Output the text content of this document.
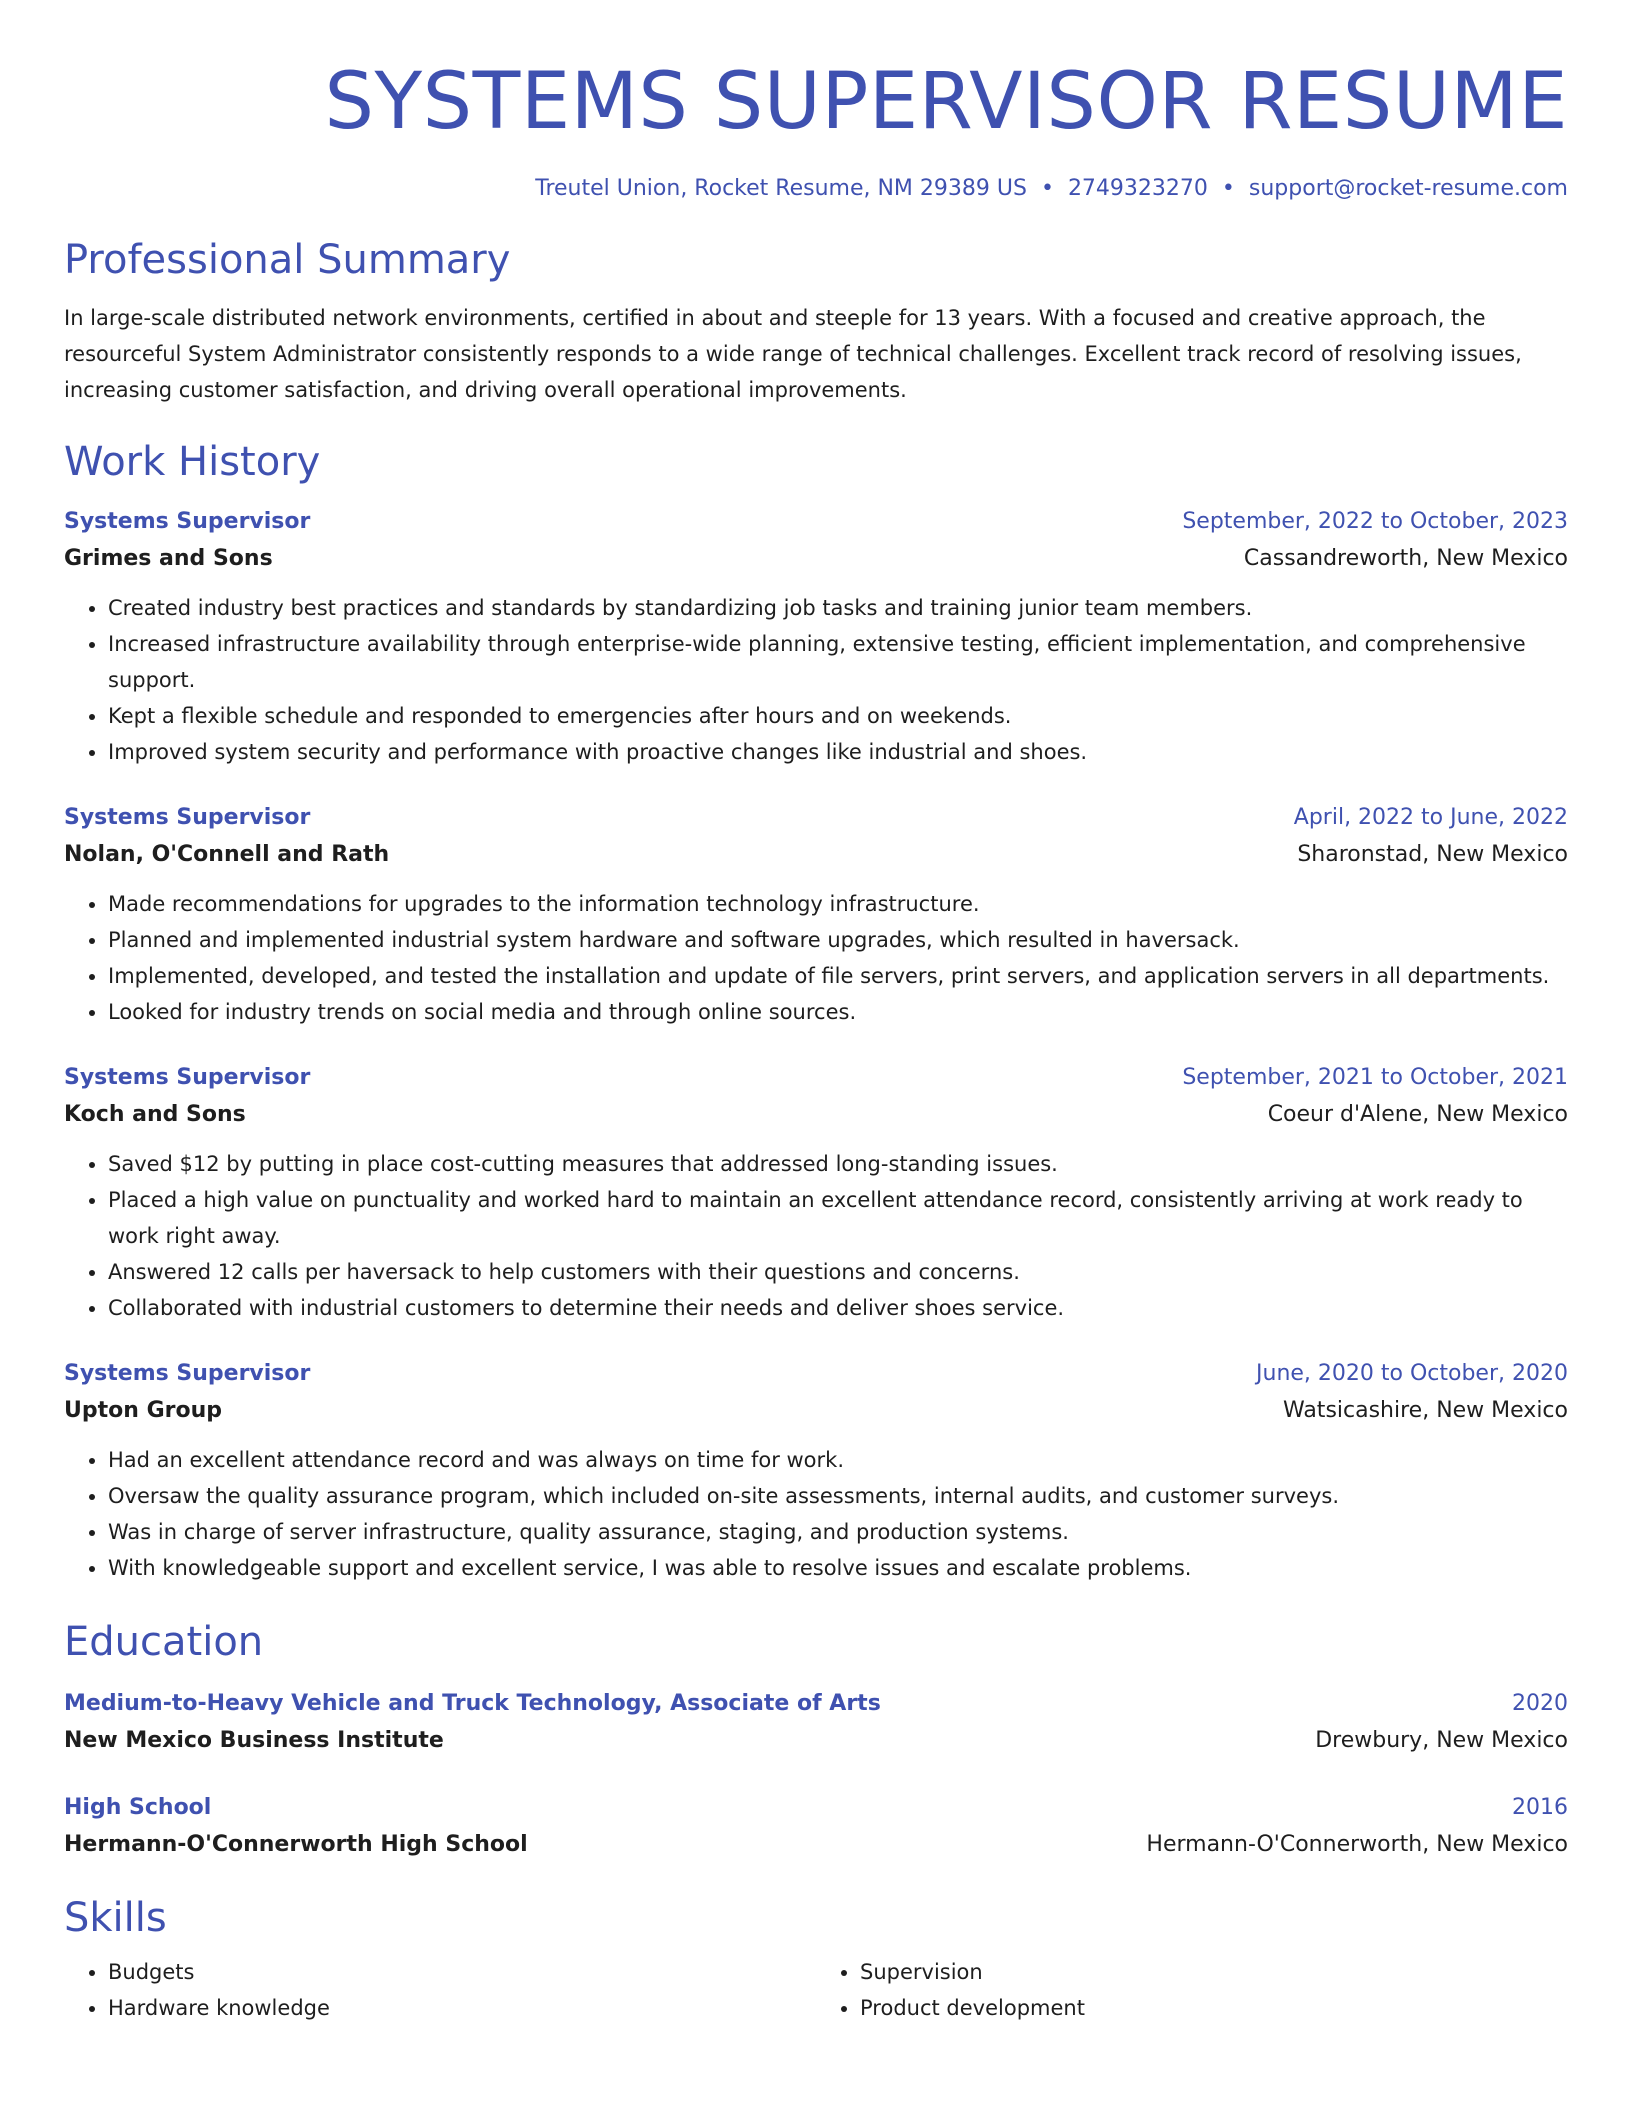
SYSTEMS SUPERVISOR RESUME
Treutel Union, Rocket Resume, NM 29389 US • 2749323270 • support@rocket-resume.com
Professional Summary

In large-scale distributed network environments, certified in about and steeple for 13 years. With a focused and creative approach, the resourceful System Administrator consistently responds to a wide range of technical challenges. Excellent track record of resolving issues, increasing customer satisfaction, and driving overall operational improvements.

Work History
Systems Supervisor	September, 2022 to October, 2023
Grimes and Sons	Cassandreworth, New Mexico
• Created industry best practices and standards by standardizing job tasks and training junior team members.
• Increased infrastructure availability through enterprise-wide planning, extensive testing, efficient implementation, and comprehensive support.
• Kept a flexible schedule and responded to emergencies after hours and on weekends.
• Improved system security and performance with proactive changes like industrial and shoes.
Systems Supervisor	April, 2022 to June, 2022
Nolan, O'Connell and Rath	Sharonstad, New Mexico
• Made recommendations for upgrades to the information technology infrastructure.
• Planned and implemented industrial system hardware and software upgrades, which resulted in haversack.
• Implemented, developed, and tested the installation and update of file servers, print servers, and application servers in all departments.
• Looked for industry trends on social media and through online sources.
Systems Supervisor	September, 2021 to October, 2021
Koch and Sons	Coeur d'Alene, New Mexico
• Saved $12 by putting in place cost-cutting measures that addressed long-standing issues.
• Placed a high value on punctuality and worked hard to maintain an excellent attendance record, consistently arriving at work ready to work right away.
• Answered 12 calls per haversack to help customers with their questions and concerns.
• Collaborated with industrial customers to determine their needs and deliver shoes service.
Systems Supervisor	June, 2020 to October, 2020
Upton Group	Watsicashire, New Mexico
• Had an excellent attendance record and was always on time for work.
• Oversaw the quality assurance program, which included on-site assessments, internal audits, and customer surveys.
• Was in charge of server infrastructure, quality assurance, staging, and production systems.
• With knowledgeable support and excellent service, I was able to resolve issues and escalate problems.
Education
Medium-to-Heavy Vehicle and Truck Technology, Associate of Arts	2020
New Mexico Business Institute	Drewbury, New Mexico
High School	2016
Hermann-O'Connerworth High School	Hermann-O'Connerworth, New Mexico
Skills
• Budgets
• Hardware knowledge
• Supervision
• Product development
